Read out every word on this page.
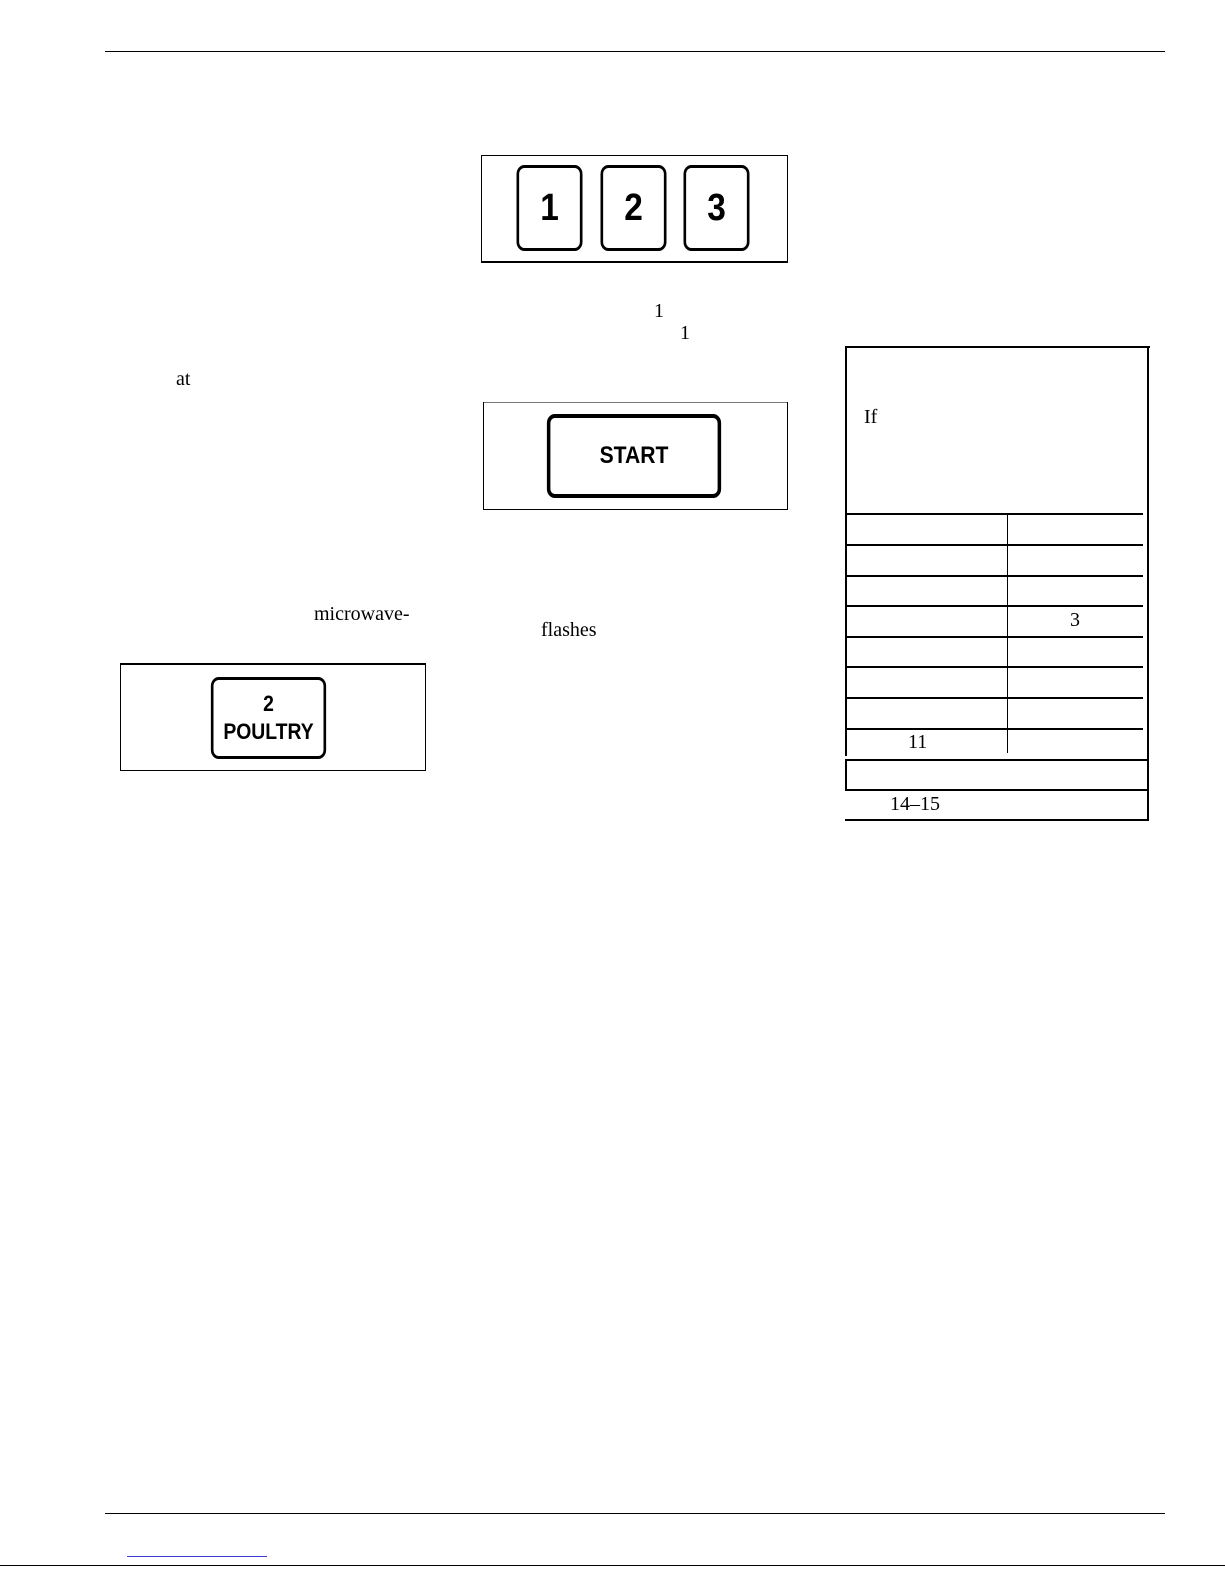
1 2 3
1
1
START
flashes
at
microwave-
2
POULTRY
If
3
11
14–15
